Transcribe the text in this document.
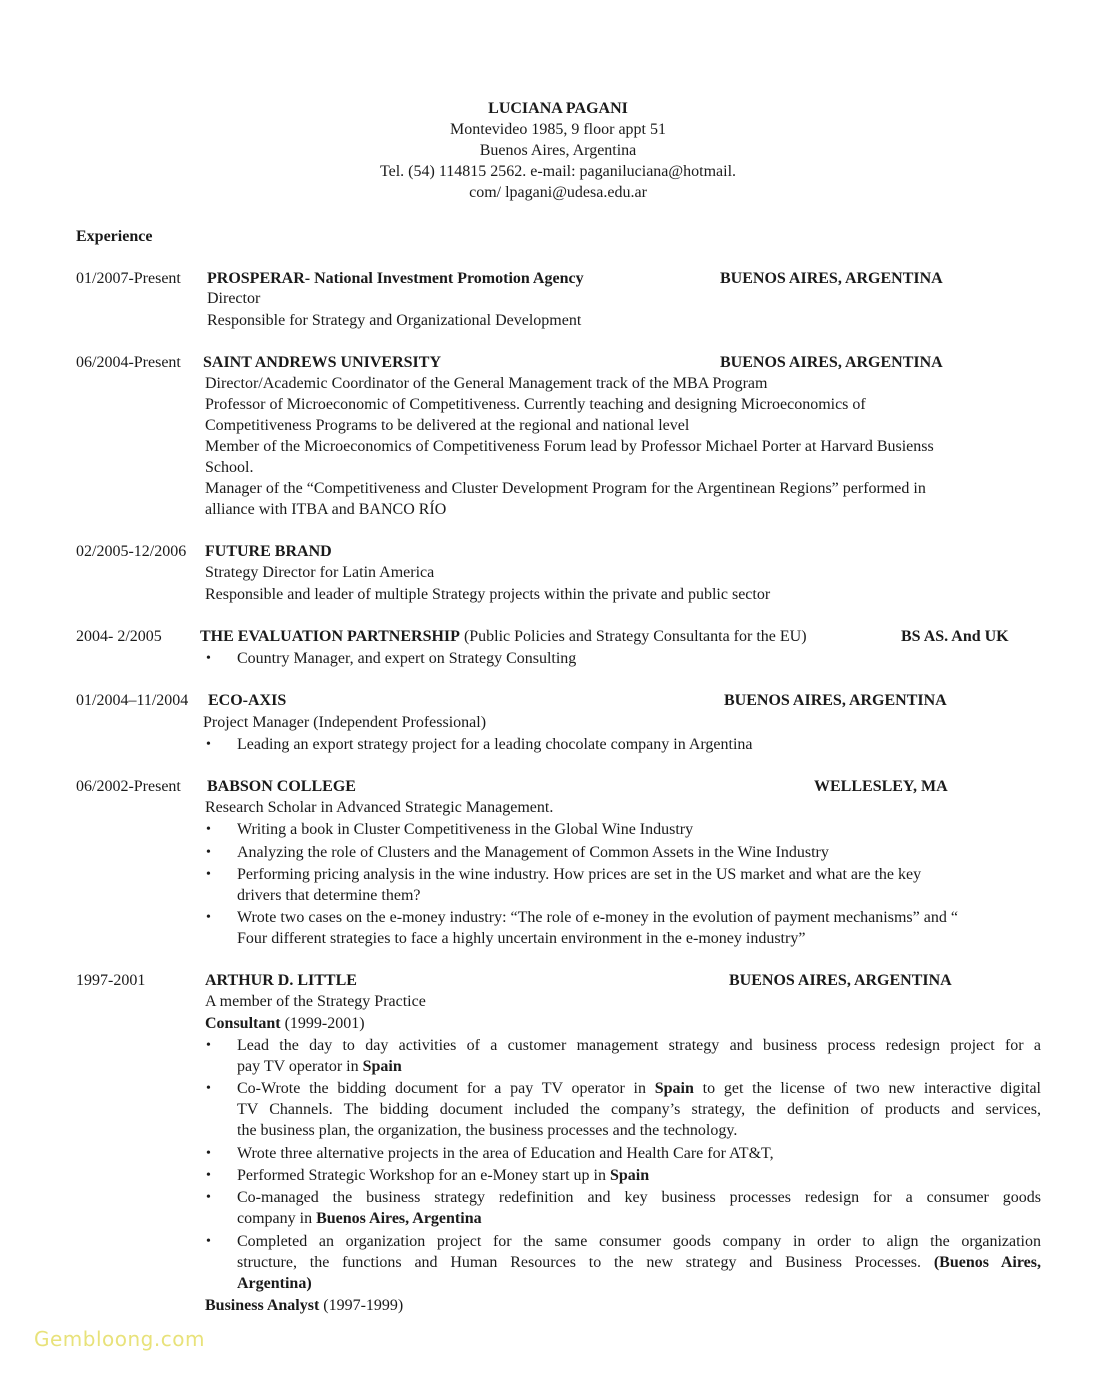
LUCIANA PAGANI
Montevideo 1985, 9 floor appt 51
Buenos Aires, Argentina
Tel. (54) 114815 2562. e-mail: paganiluciana@hotmail.
com/ lpagani@udesa.edu.ar
Experience
01/2007-Present PROSPERAR- National Investment Promotion Agency	BUENOS AIRES, ARGENTINA
Director
Responsible for Strategy and Organizational Development
06/2004-Present SAINT ANDREWS UNIVERSITY	BUENOS AIRES, ARGENTINA
Director/Academic Coordinator of the General Management track of the MBA Program
Professor of Microeconomic of Competitiveness. Currently teaching and designing Microeconomics of
Competitiveness Programs to be delivered at the regional and national level
Member of the Microeconomics of Competitiveness Forum lead by Professor Michael Porter at Harvard Busienss
School.
Manager of the “Competitiveness and Cluster Development Program for the Argentinean Regions” performed in
alliance with ITBA and BANCO RÍO
02/2005-12/2006 FUTURE BRAND
Strategy Director for Latin America
Responsible and leader of multiple Strategy projects within the private and public sector
2004- 2/2005 THE EVALUATION PARTNERSHIP (Public Policies and Strategy Consultanta for the EU)	BS AS. And UK
• Country Manager, and expert on Strategy Consulting
01/2004–11/2004 ECO-AXIS	BUENOS AIRES, ARGENTINA
Project Manager (Independent Professional)
• Leading an export strategy project for a leading chocolate company in Argentina
06/2002-Present BABSON COLLEGE	WELLESLEY, MA
Research Scholar in Advanced Strategic Management.
• Writing a book in Cluster Competitiveness in the Global Wine Industry
• Analyzing the role of Clusters and the Management of Common Assets in the Wine Industry
• Performing pricing analysis in the wine industry. How prices are set in the US market and what are the key
drivers that determine them?
• Wrote two cases on the e-money industry: “The role of e-money in the evolution of payment mechanisms” and “
Four different strategies to face a highly uncertain environment in the e-money industry”
1997-2001	ARTHUR D. LITTLE	BUENOS AIRES, ARGENTINA
A member of the Strategy Practice
Consultant (1999-2001)
• Lead the day to day activities of a customer management strategy and business process redesign project for a
pay TV operator in Spain
• Co-Wrote the bidding document for a pay TV operator in Spain to get the license of two new interactive digital
TV Channels. The bidding document included the company’s strategy, the definition of products and services,
the business plan, the organization, the business processes and the technology.
• Wrote three alternative projects in the area of Education and Health Care for AT&T,
• Performed Strategic Workshop for an e-Money start up in Spain
• Co-managed the business strategy redefinition and key business processes redesign for a consumer goods
company in Buenos Aires, Argentina
• Completed an organization project for the same consumer goods company in order to align the organization
structure, the functions and Human Resources to the new strategy and Business Processes. (Buenos Aires,
Argentina)
Business Analyst (1997-1999)
Gembloong.com
